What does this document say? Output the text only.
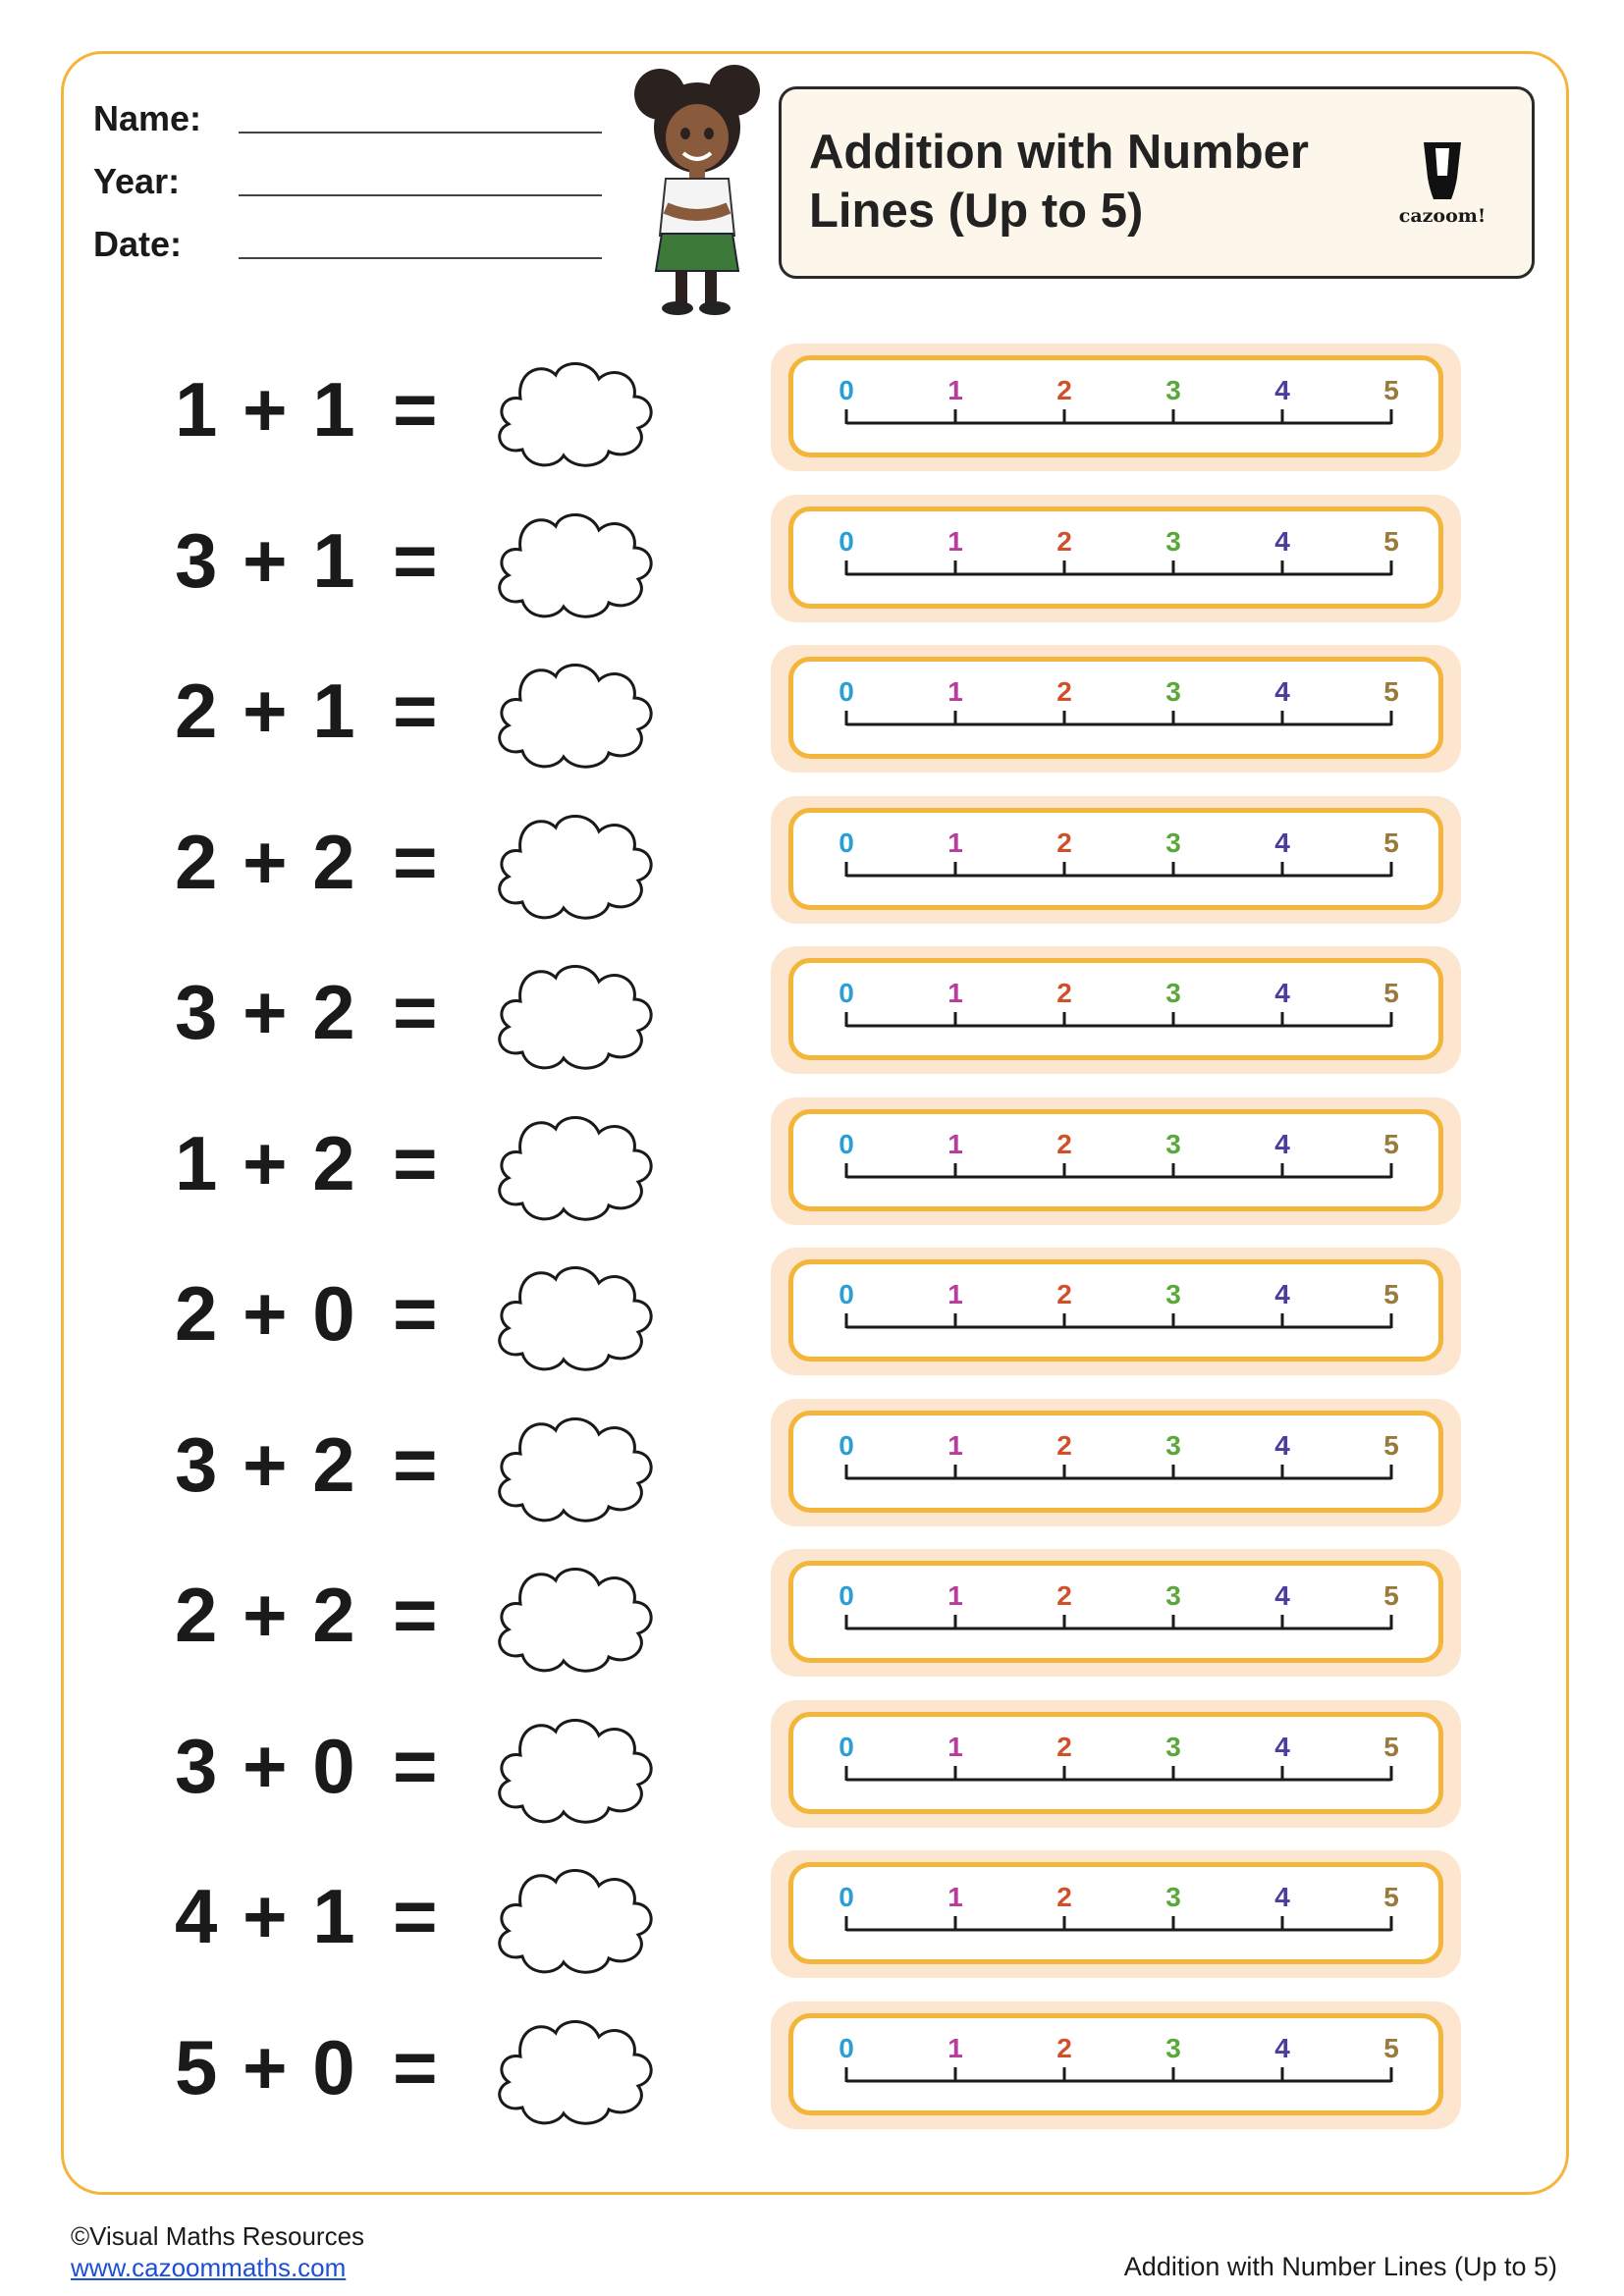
Name:
Year:
Date:
Addition with Number Lines (Up to 5)	cazoom!
1 + 1 =	0	1	2	3	4	5
3 + 1 =	0	1	2	3	4	5
2 + 1 =	0	1	2	3	4	5
2 + 2 =	0	1	2	3	4	5
3 + 2 =	0	1	2	3	4	5
1 + 2 =	0	1	2	3	4	5
2 + 0 =	0	1	2	3	4	5
3 + 2 =	0	1	2	3	4	5
2 + 2 =	0	1	2	3	4	5
3 + 0 =	0	1	2	3	4	5
4 + 1 =	0	1	2	3	4	5
5 + 0 =	0	1	2	3	4	5
©Visual Maths Resources
www.cazoommaths.com	Addition with Number Lines (Up to 5)
